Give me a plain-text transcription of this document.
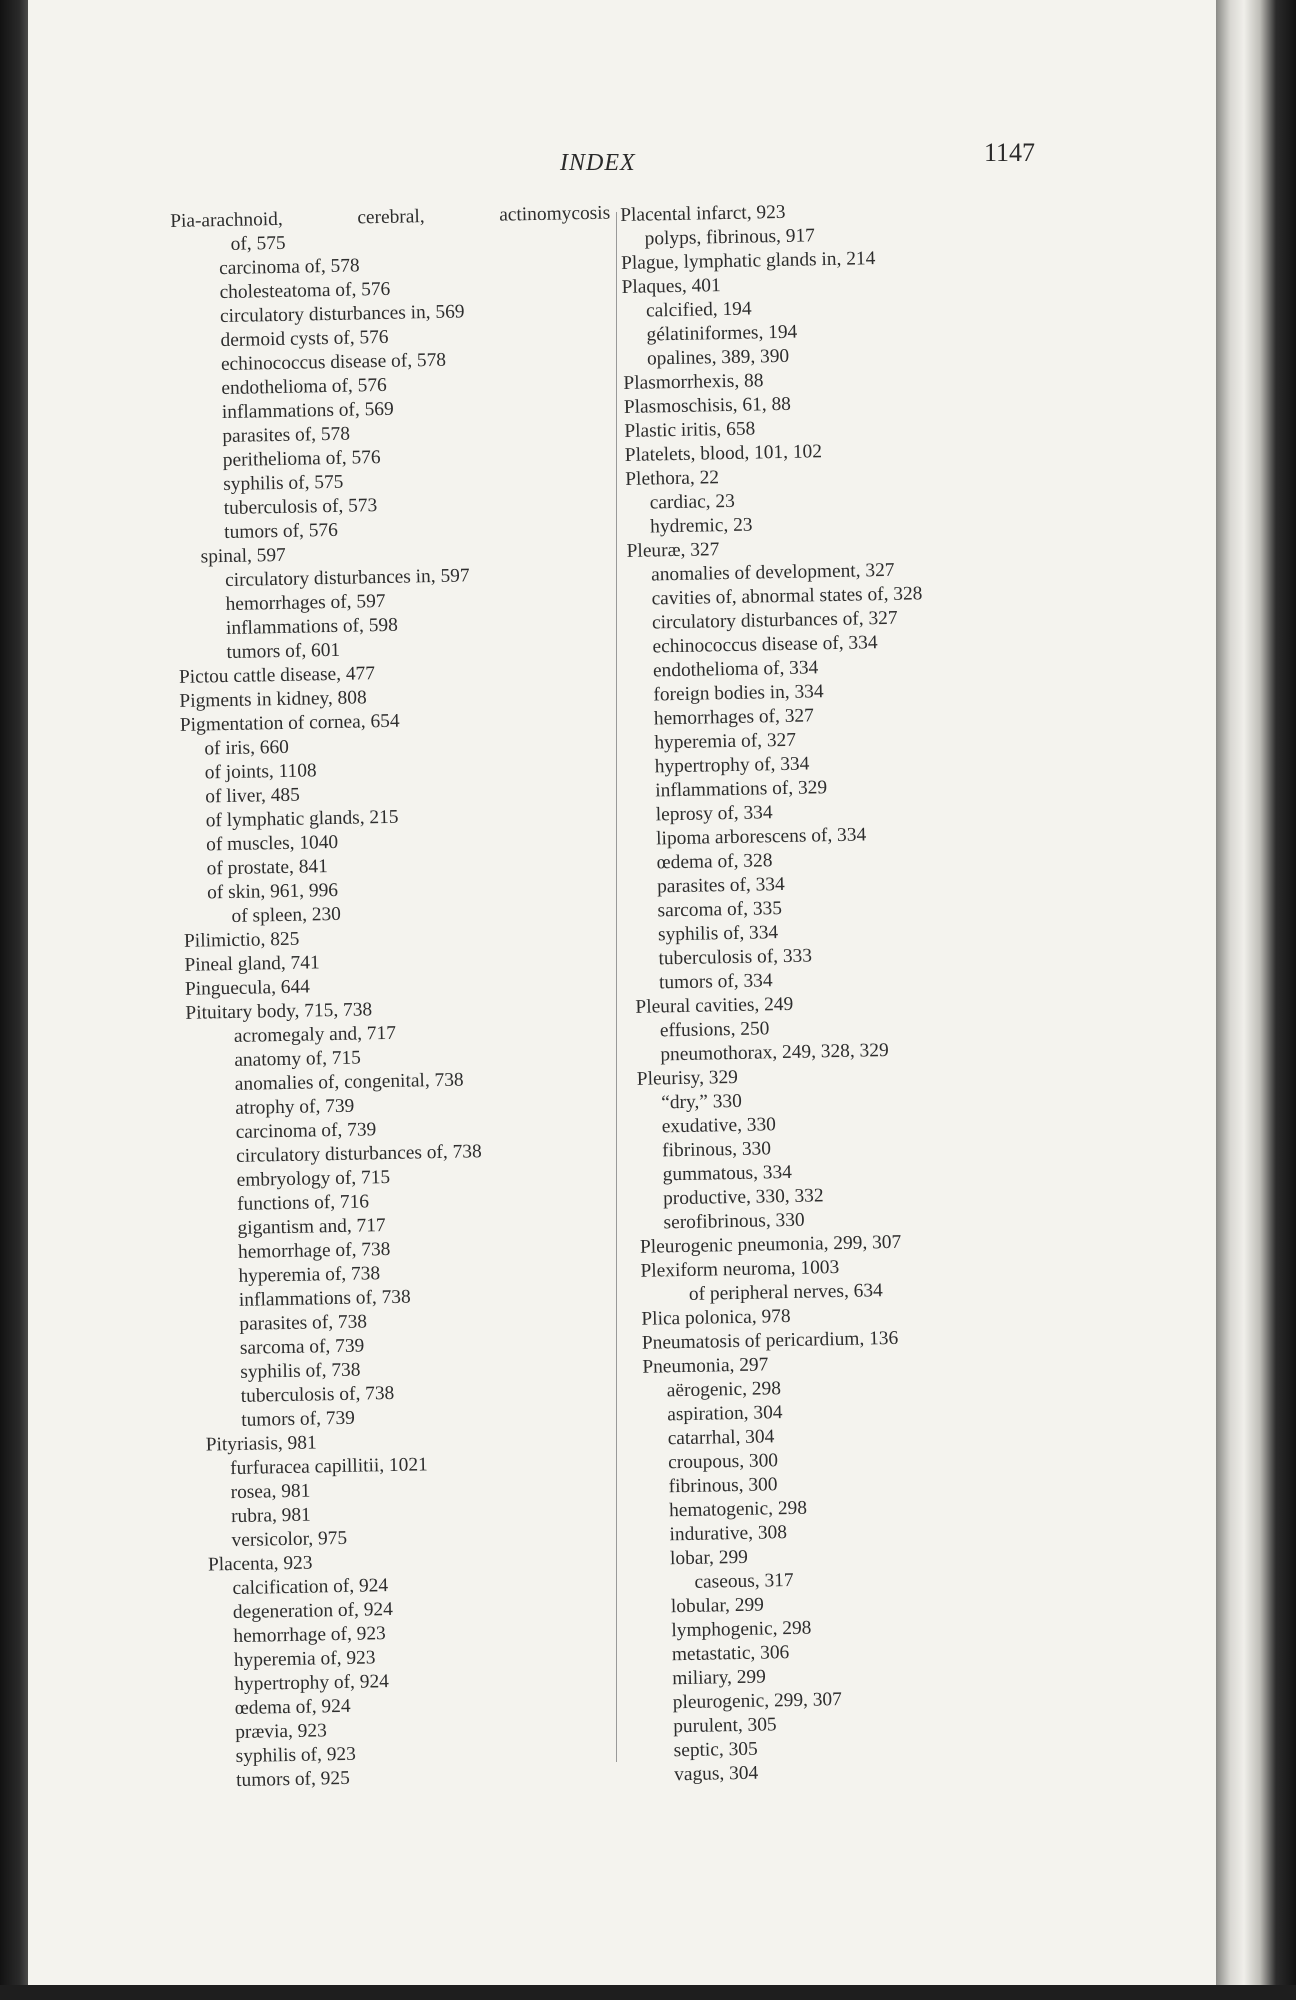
INDEX	1147
Pia-arachnoid, cerebral, actinomycosis
of, 575
carcinoma of, 578
cholesteatoma of, 576
circulatory disturbances in, 569
dermoid cysts of, 576
echinococcus disease of, 578
endothelioma of, 576
inflammations of, 569
parasites of, 578
perithelioma of, 576
syphilis of, 575
tuberculosis of, 573
tumors of, 576
spinal, 597
circulatory disturbances in, 597
hemorrhages of, 597
inflammations of, 598
tumors of, 601
Pictou cattle disease, 477
Pigments in kidney, 808
Pigmentation of cornea, 654
of iris, 660
of joints, 1108
of liver, 485
of lymphatic glands, 215
of muscles, 1040
of prostate, 841
of skin, 961, 996
of spleen, 230
Pilimictio, 825
Pineal gland, 741
Pinguecula, 644
Pituitary body, 715, 738
acromegaly and, 717
anatomy of, 715
anomalies of, congenital, 738
atrophy of, 739
carcinoma of, 739
circulatory disturbances of, 738
embryology of, 715
functions of, 716
gigantism and, 717
hemorrhage of, 738
hyperemia of, 738
inflammations of, 738
parasites of, 738
sarcoma of, 739
syphilis of, 738
tuberculosis of, 738
tumors of, 739
Pityriasis, 981
furfuracea capillitii, 1021
rosea, 981
rubra, 981
versicolor, 975
Placenta, 923
calcification of, 924
degeneration of, 924
hemorrhage of, 923
hyperemia of, 923
hypertrophy of, 924
œdema of, 924
prævia, 923
syphilis of, 923
tumors of, 925
Placental infarct, 923
polyps, fibrinous, 917
Plague, lymphatic glands in, 214
Plaques, 401
calcified, 194
gélatiniformes, 194
opalines, 389, 390
Plasmorrhexis, 88
Plasmoschisis, 61, 88
Plastic iritis, 658
Platelets, blood, 101, 102
Plethora, 22
cardiac, 23
hydremic, 23
Pleuræ, 327
anomalies of development, 327
cavities of, abnormal states of, 328
circulatory disturbances of, 327
echinococcus disease of, 334
endothelioma of, 334
foreign bodies in, 334
hemorrhages of, 327
hyperemia of, 327
hypertrophy of, 334
inflammations of, 329
leprosy of, 334
lipoma arborescens of, 334
œdema of, 328
parasites of, 334
sarcoma of, 335
syphilis of, 334
tuberculosis of, 333
tumors of, 334
Pleural cavities, 249
effusions, 250
pneumothorax, 249, 328, 329
Pleurisy, 329
“dry,” 330
exudative, 330
fibrinous, 330
gummatous, 334
productive, 330, 332
serofibrinous, 330
Pleurogenic pneumonia, 299, 307
Plexiform neuroma, 1003
of peripheral nerves, 634
Plica polonica, 978
Pneumatosis of pericardium, 136
Pneumonia, 297
aërogenic, 298
aspiration, 304
catarrhal, 304
croupous, 300
fibrinous, 300
hematogenic, 298
indurative, 308
lobar, 299
caseous, 317
lobular, 299
lymphogenic, 298
metastatic, 306
miliary, 299
pleurogenic, 299, 307
purulent, 305
septic, 305
vagus, 304
